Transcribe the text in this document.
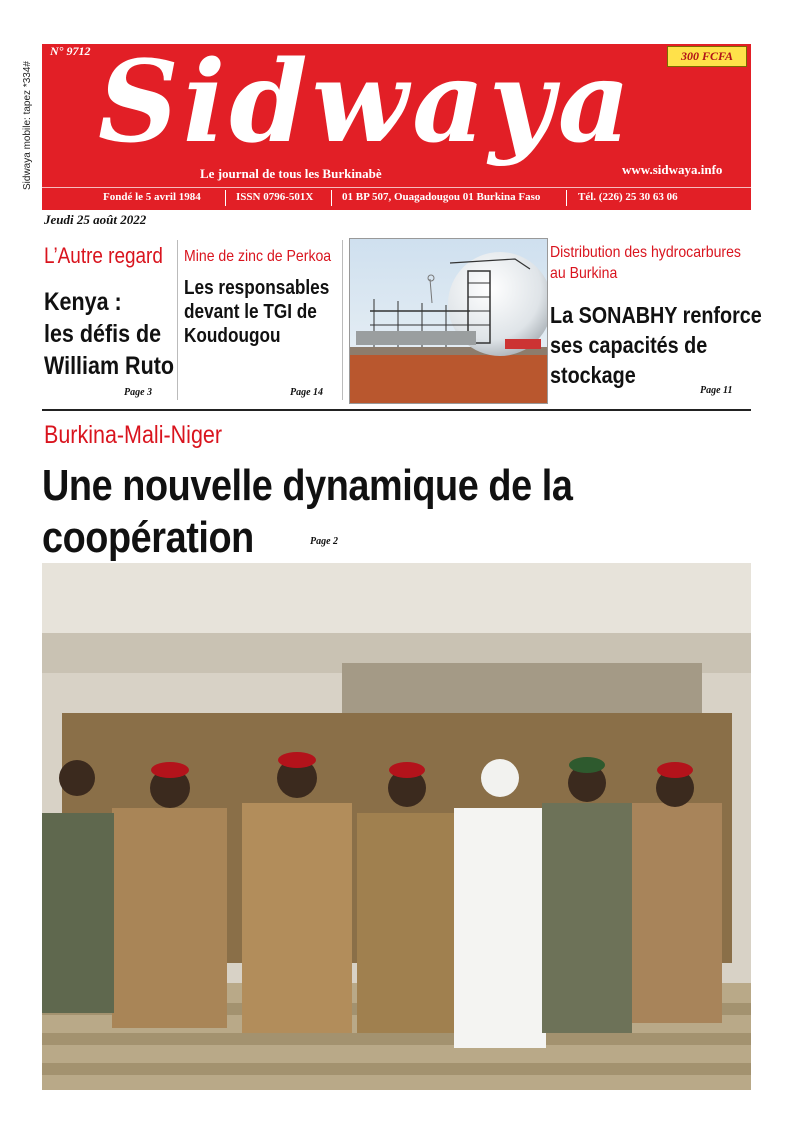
Sidwaya mobile: tapez *334# Sidwaya
N° 9712	300 FCFA
Le journal de tous les Burkinabè	www.sidwaya.info
Fondé le 5 avril 1984	ISSN 0796-501X	01 BP 507, Ouagadougou 01 Burkina Faso	Tél. (226) 25 30 63 06
Jeudi 25 août 2022
L’Autre regard
Kenya :
les défis de
William Ruto
Page 3
Mine de zinc de Perkoa
Les responsables
devant le TGI de
Koudougou
Page 14
Distribution des hydrocarbures
au Burkina
La SONABHY renforce
ses capacités de
stockage
Page 11
Burkina-Mali-Niger
Une nouvelle dynamique de la coopération	Page 2
